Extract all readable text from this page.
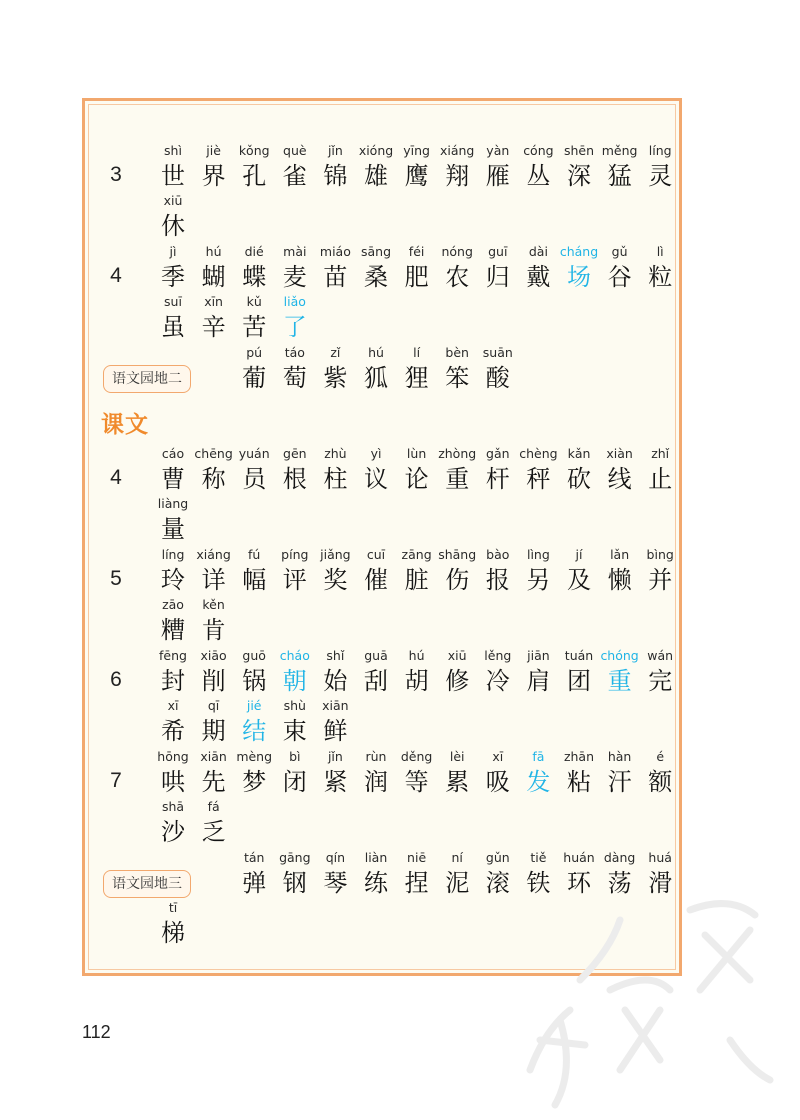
课文
3
shì
世
jiè
界
kǒng
孔
què
雀
jǐn
锦
xióng
雄
yīng
鹰
xiáng
翔
yàn
雁
cóng
丛
shēn
深
měng
猛
líng
灵
xiū
休
4
jì
季
hú
蝴
dié
蝶
mài
麦
miáo
苗
sāng
桑
féi
肥
nóng
农
guī
归
dài
戴
cháng
场
gǔ
谷
lì
粒
suī
虽
xīn
辛
kǔ
苦
liǎo
了
语文园地二
pú
葡
táo
萄
zǐ
紫
hú
狐
lí
狸
bèn
笨
suān
酸
4
cáo
曹
chēng
称
yuán
员
gēn
根
zhù
柱
yì
议
lùn
论
zhòng
重
gǎn
杆
chèng
秤
kǎn
砍
xiàn
线
zhǐ
止
liàng
量
5
líng
玲
xiáng
详
fú
幅
píng
评
jiǎng
奖
cuī
催
zāng
脏
shāng
伤
bào
报
lìng
另
jí
及
lǎn
懒
bìng
并
zāo
糟
kěn
肯
6
fēng
封
xiāo
削
guō
锅
cháo
朝
shǐ
始
guā
刮
hú
胡
xiū
修
lěng
冷
jiān
肩
tuán
团
chóng
重
wán
完
xī
希
qī
期
jié
结
shù
束
xiān
鲜
7
hōng
哄
xiān
先
mèng
梦
bì
闭
jǐn
紧
rùn
润
děng
等
lèi
累
xī
吸
fā
发
zhān
粘
hàn
汗
é
额
shā
沙
fá
乏
语文园地三
tán
弹
gāng
钢
qín
琴
liàn
练
niē
捏
ní
泥
gǔn
滚
tiě
铁
huán
环
dàng
荡
huá
滑
tī
梯
112
